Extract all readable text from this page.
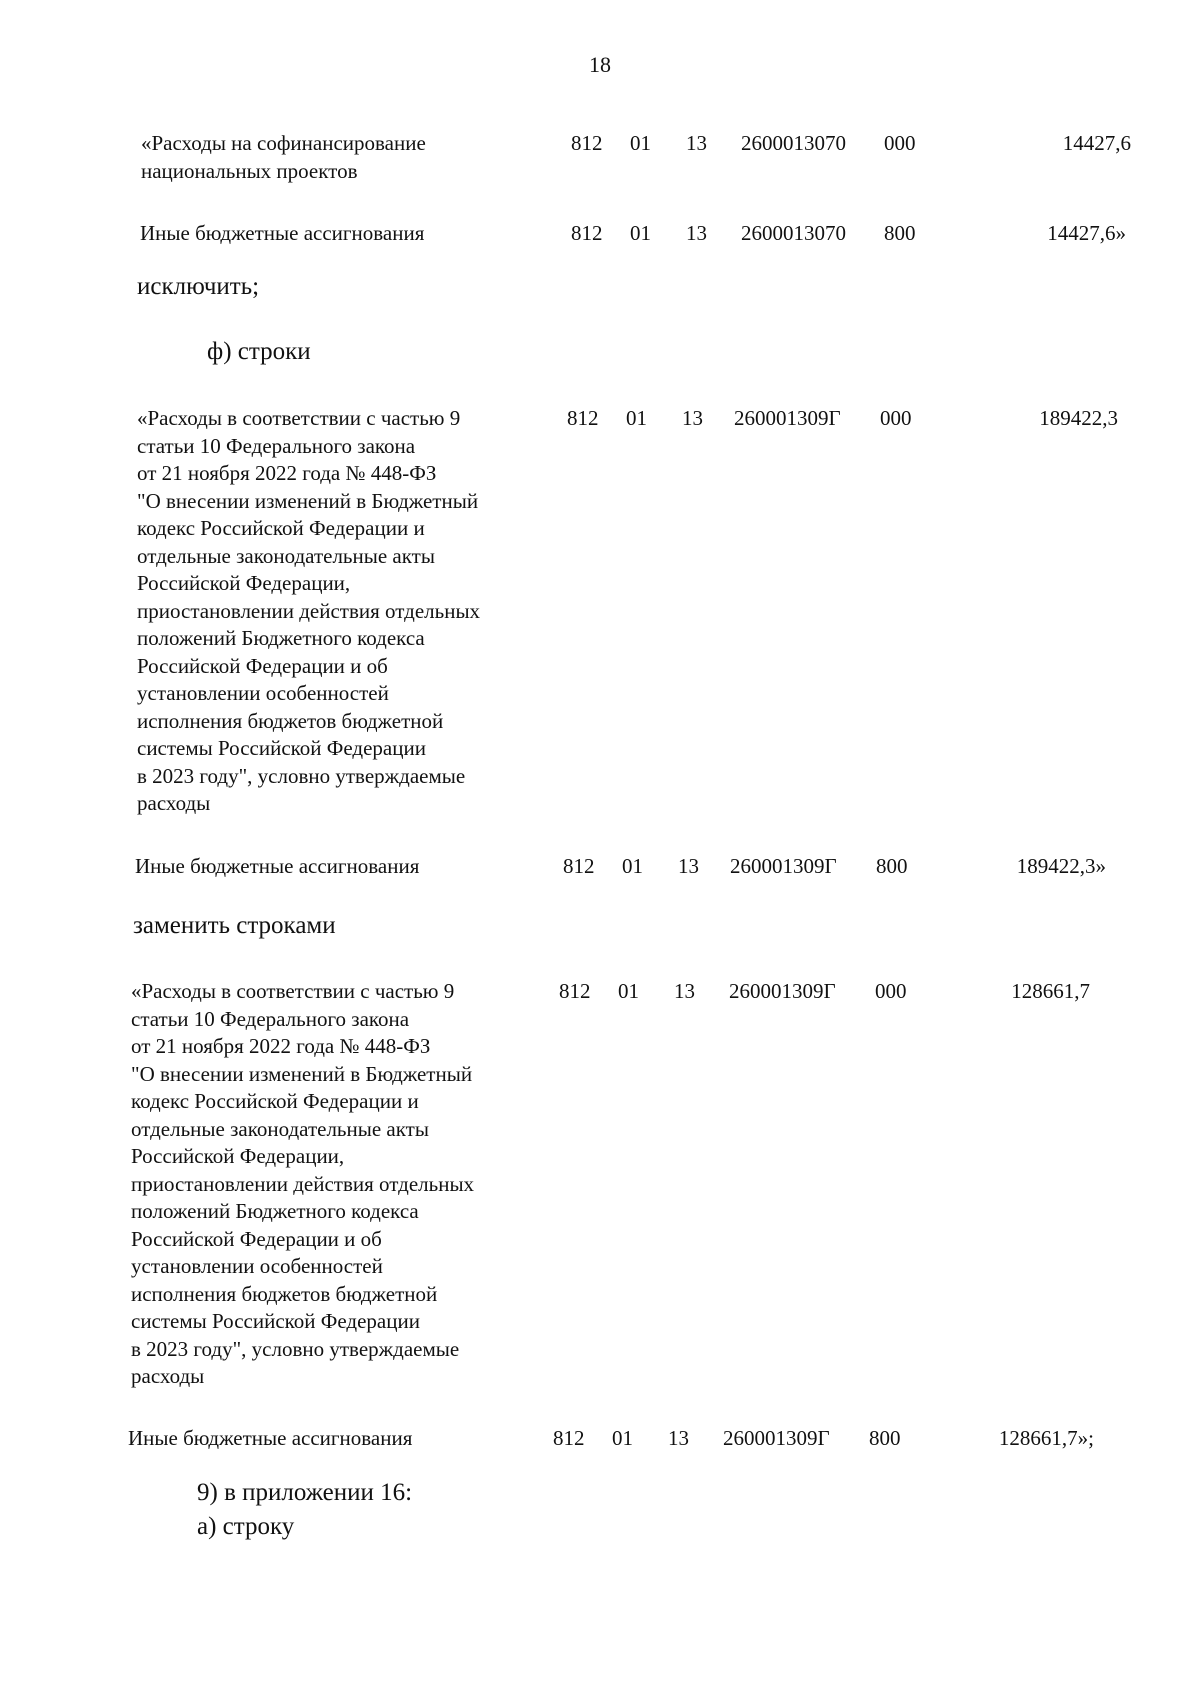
18
«Расходы на софинансирование
национальных проектов
812 01 13 2600013070 000	14427,6
Иные бюджетные ассигнования	812 01 13 2600013070 800	14427,6»
исключить;
ф) строки
«Расходы в соответствии с частью 9
статьи 10 Федерального закона
от 21 ноября 2022 года № 448-ФЗ
"О внесении изменений в Бюджетный
кодекс Российской Федерации и
отдельные законодательные акты
Российской Федерации,
приостановлении действия отдельных
положений Бюджетного кодекса
Российской Федерации и об
установлении особенностей
исполнения бюджетов бюджетной
системы Российской Федерации
в 2023 году", условно утверждаемые
расходы
812 01 13 260001309Г 000	189422,3
Иные бюджетные ассигнования	812 01 13 260001309Г 800	189422,3»
заменить строками
«Расходы в соответствии с частью 9
статьи 10 Федерального закона
от 21 ноября 2022 года № 448-ФЗ
"О внесении изменений в Бюджетный
кодекс Российской Федерации и
отдельные законодательные акты
Российской Федерации,
приостановлении действия отдельных
положений Бюджетного кодекса
Российской Федерации и об
установлении особенностей
исполнения бюджетов бюджетной
системы Российской Федерации
в 2023 году", условно утверждаемые
расходы
812 01 13 260001309Г 000	128661,7
Иные бюджетные ассигнования	812 01 13 260001309Г 800	128661,7»;
9) в приложении 16:
а) строку
